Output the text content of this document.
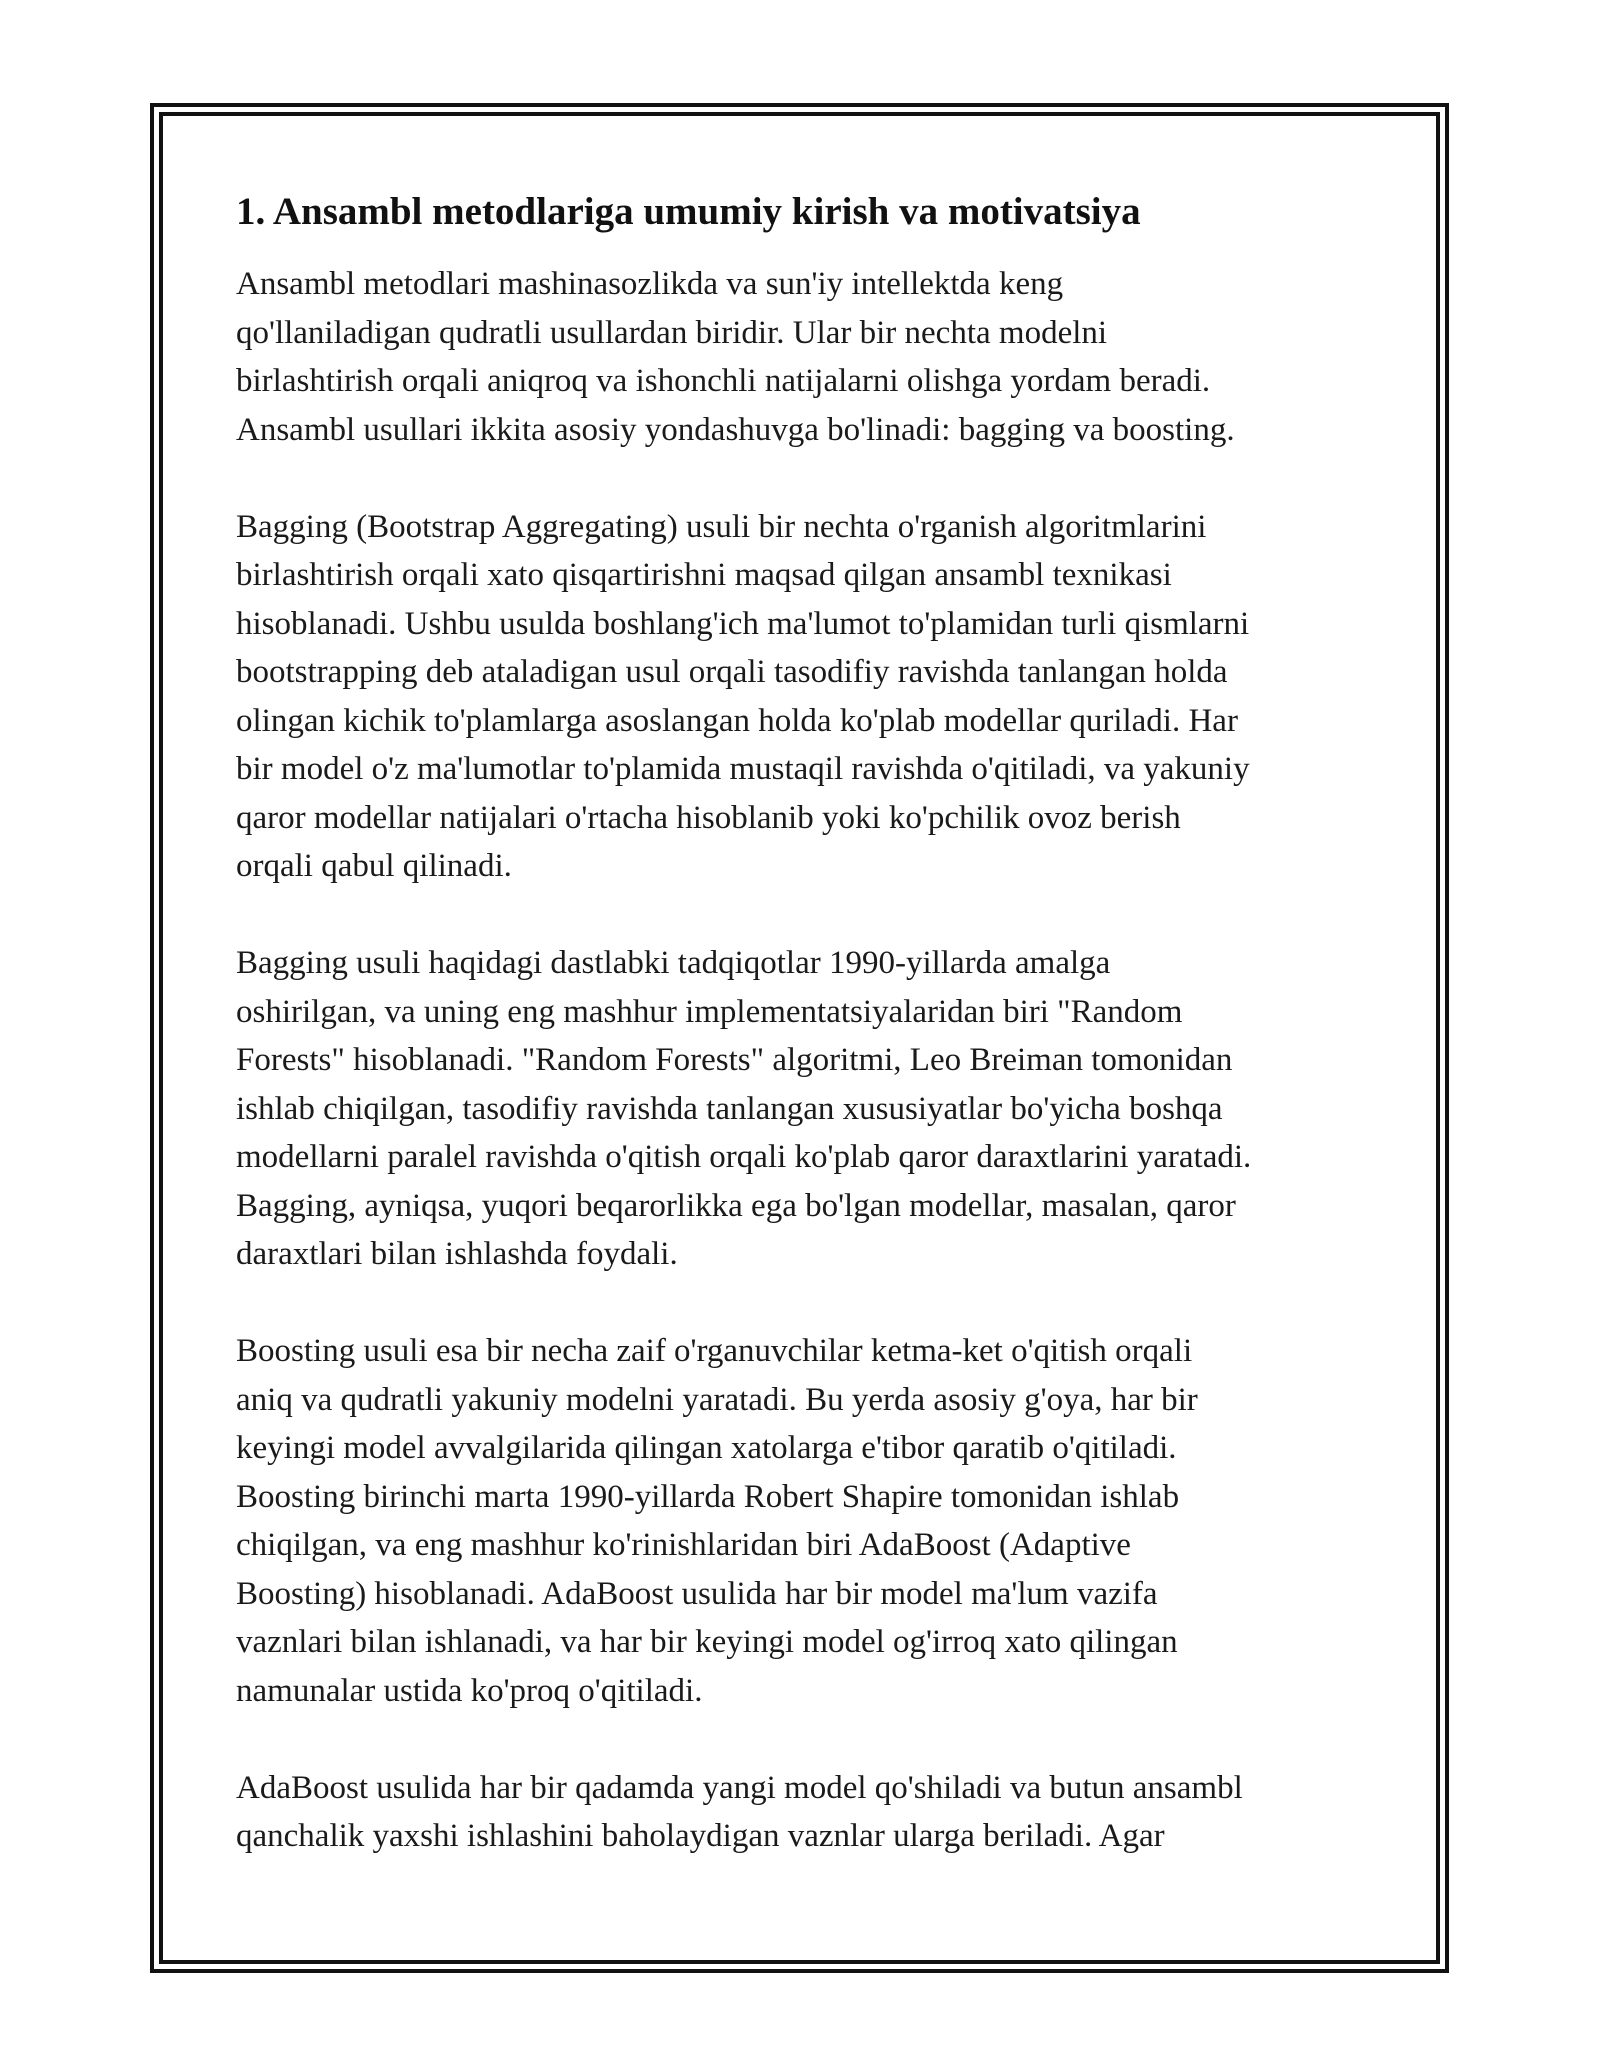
1. Ansambl metodlariga umumiy kirish va motivatsiya

Ansambl metodlari mashinasozlikda va sun'iy intellektda keng
qo'llaniladigan qudratli usullardan biridir. Ular bir nechta modelni
birlashtirish orqali aniqroq va ishonchli natijalarni olishga yordam beradi.
Ansambl usullari ikkita asosiy yondashuvga bo'linadi: bagging va boosting.

Bagging (Bootstrap Aggregating) usuli bir nechta o'rganish algoritmlarini
birlashtirish orqali xato qisqartirishni maqsad qilgan ansambl texnikasi
hisoblanadi. Ushbu usulda boshlang'ich ma'lumot to'plamidan turli qismlarni
bootstrapping deb ataladigan usul orqali tasodifiy ravishda tanlangan holda
olingan kichik to'plamlarga asoslangan holda ko'plab modellar quriladi. Har
bir model o'z ma'lumotlar to'plamida mustaqil ravishda o'qitiladi, va yakuniy
qaror modellar natijalari o'rtacha hisoblanib yoki ko'pchilik ovoz berish
orqali qabul qilinadi.

Bagging usuli haqidagi dastlabki tadqiqotlar 1990-yillarda amalga
oshirilgan, va uning eng mashhur implementatsiyalaridan biri "Random
Forests" hisoblanadi. "Random Forests" algoritmi, Leo Breiman tomonidan
ishlab chiqilgan, tasodifiy ravishda tanlangan xususiyatlar bo'yicha boshqa
modellarni paralel ravishda o'qitish orqali ko'plab qaror daraxtlarini yaratadi.
Bagging, ayniqsa, yuqori beqarorlikka ega bo'lgan modellar, masalan, qaror
daraxtlari bilan ishlashda foydali.

Boosting usuli esa bir necha zaif o'rganuvchilar ketma-ket o'qitish orqali
aniq va qudratli yakuniy modelni yaratadi. Bu yerda asosiy g'oya, har bir
keyingi model avvalgilarida qilingan xatolarga e'tibor qaratib o'qitiladi.
Boosting birinchi marta 1990-yillarda Robert Shapire tomonidan ishlab
chiqilgan, va eng mashhur ko'rinishlaridan biri AdaBoost (Adaptive
Boosting) hisoblanadi. AdaBoost usulida har bir model ma'lum vazifa
vaznlari bilan ishlanadi, va har bir keyingi model og'irroq xato qilingan
namunalar ustida ko'proq o'qitiladi.

AdaBoost usulida har bir qadamda yangi model qo'shiladi va butun ansambl
qanchalik yaxshi ishlashini baholaydigan vaznlar ularga beriladi. Agar
